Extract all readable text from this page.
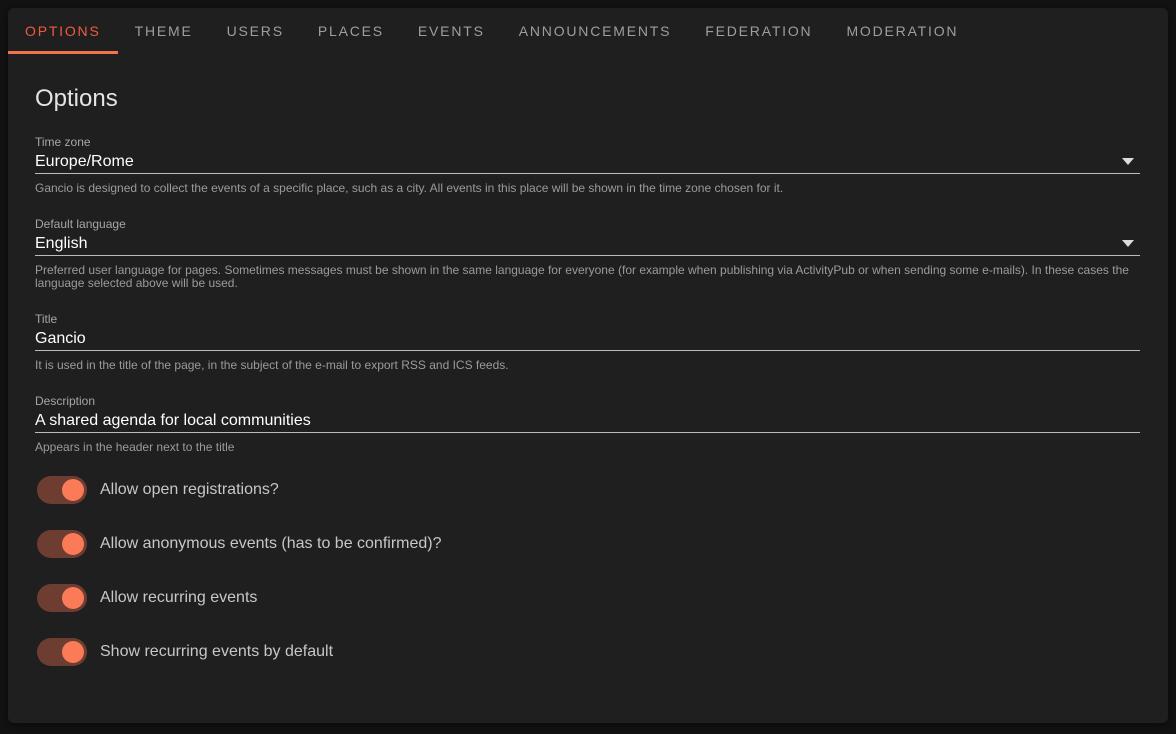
OPTIONS THEME USERS PLACES EVENTS ANNOUNCEMENTS FEDERATION MODERATION
Options
Time zone
Europe/Rome
Gancio is designed to collect the events of a specific place, such as a city. All events in this place will be shown in the time zone chosen for it.
Default language
English
Preferred user language for pages. Sometimes messages must be shown in the same language for everyone (for example when publishing via ActivityPub or when sending some e-mails). In these cases the language selected above will be used.
Title
Gancio
It is used in the title of the page, in the subject of the e-mail to export RSS and ICS feeds.
Description
A shared agenda for local communities
Appears in the header next to the title
Allow open registrations?
Allow anonymous events (has to be confirmed)?
Allow recurring events
Show recurring events by default
